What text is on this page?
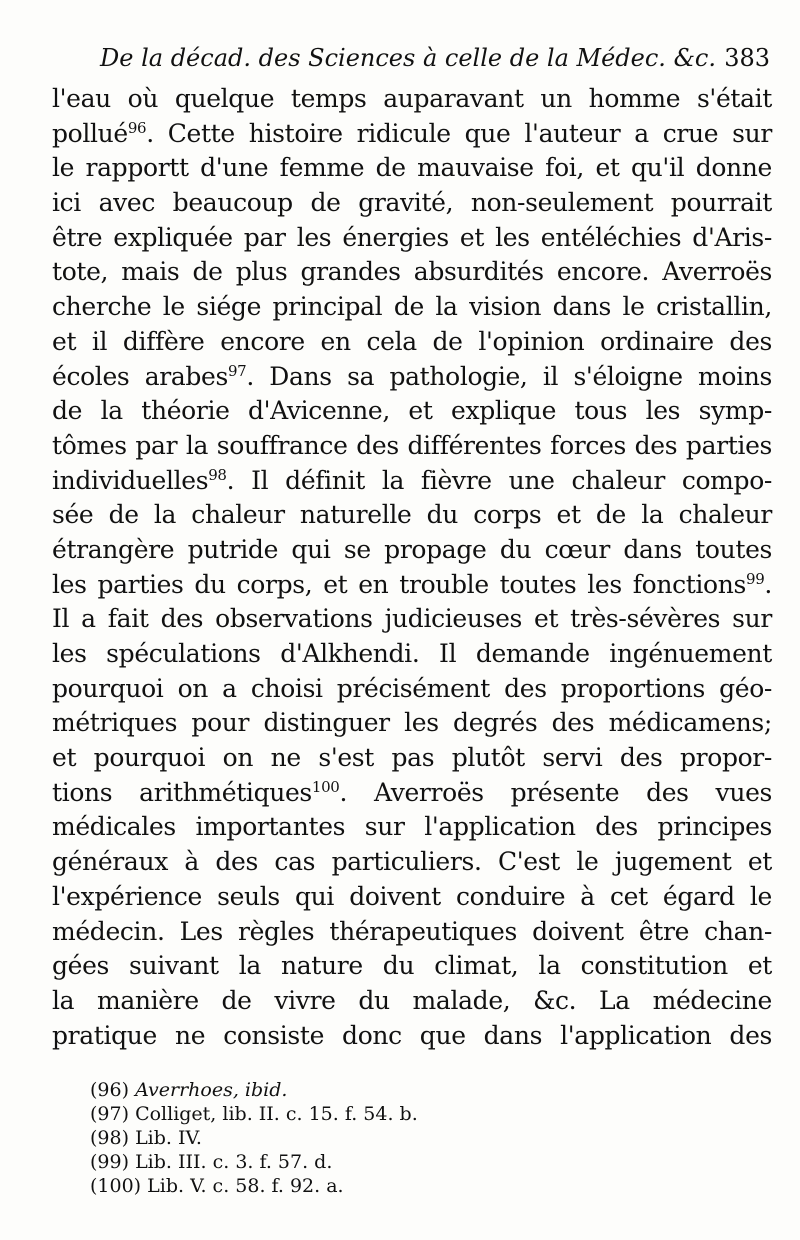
De la décad. des Sciences à celle de la Médec. &c. 383
l'eau où quelque temps auparavant un homme s'était
pollué$^{96}$. Cette histoire ridicule que l'auteur a crue sur
le rapportt d'une femme de mauvaise foi, et qu'il donne
ici avec beaucoup de gravité, non-seulement pourrait
être expliquée par les énergies et les entéléchies d'Aris-
tote, mais de plus grandes absurdités encore. Averroës
cherche le siége principal de la vision dans le cristallin,
et il diffère encore en cela de l'opinion ordinaire des
écoles arabes$^{97}$. Dans sa pathologie, il s'éloigne moins
de la théorie d'Avicenne, et explique tous les symp-
tômes par la souffrance des différentes forces des parties
individuelles$^{98}$. Il définit la fièvre une chaleur compo-
sée de la chaleur naturelle du corps et de la chaleur
étrangère putride qui se propage du cœur dans toutes
les parties du corps, et en trouble toutes les fonctions$^{99}$.
Il a fait des observations judicieuses et très-sévères sur
les spéculations d'Alkhendi. Il demande ingénuement
pourquoi on a choisi précisément des proportions géo-
métriques pour distinguer les degrés des médicamens;
et pourquoi on ne s'est pas plutôt servi des propor-
tions arithmétiques$^{100}$. Averroës présente des vues
médicales importantes sur l'application des principes
généraux à des cas particuliers. C'est le jugement et
l'expérience seuls qui doivent conduire à cet égard le
médecin. Les règles thérapeutiques doivent être chan-
gées suivant la nature du climat, la constitution et
la manière de vivre du malade, &c. La médecine
pratique ne consiste donc que dans l'application des
(96) Averrhoes, ibid.
(97) Colliget, lib. II. c. 15. f. 54. b.
(98) Lib. IV.
(99) Lib. III. c. 3. f. 57. d.
(100) Lib. V. c. 58. f. 92. a.
